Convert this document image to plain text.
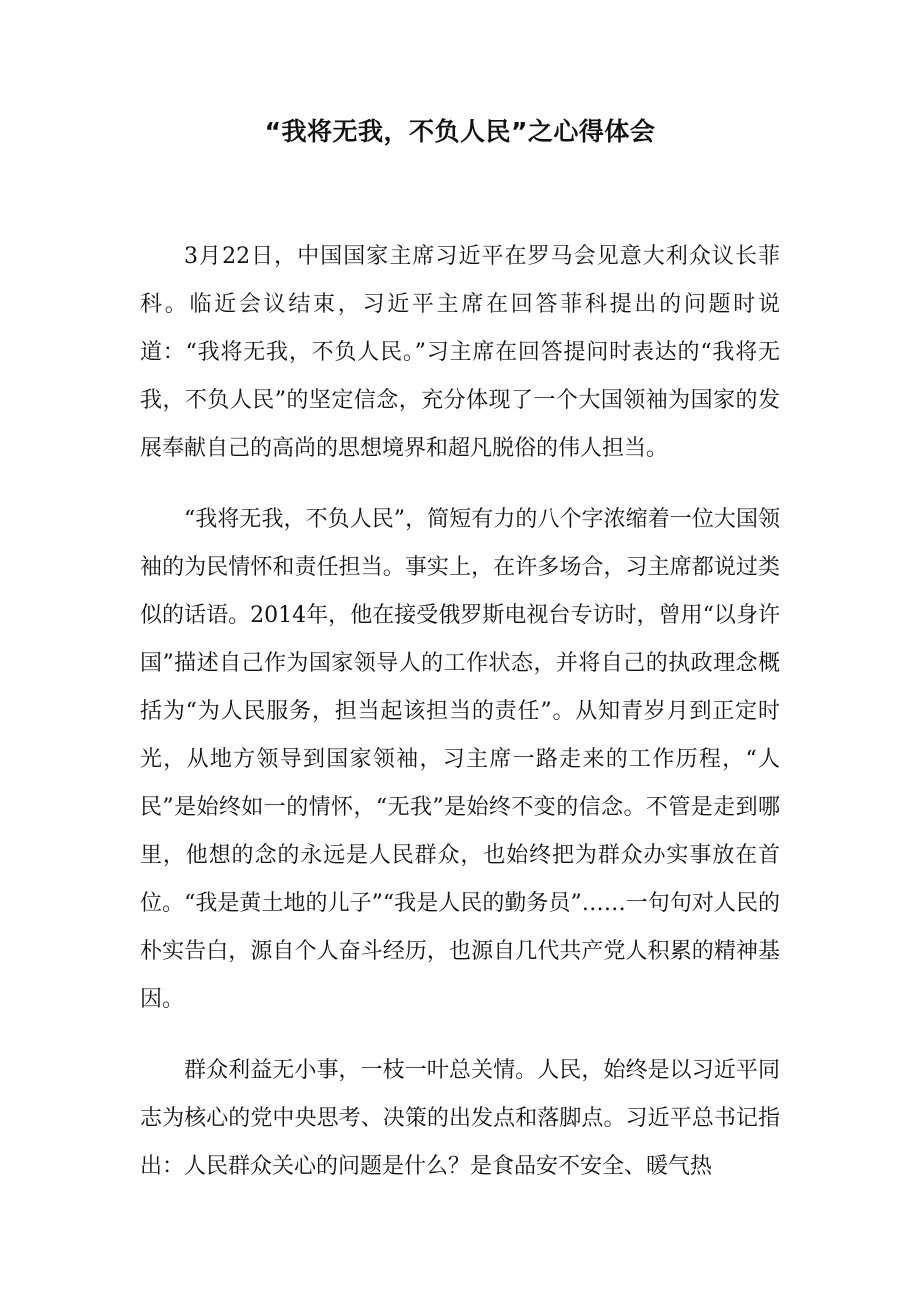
“我将无我，不负人民”之心得体会

3月22日，中国国家主席习近平在罗马会见意大利众议长菲科。临近会议结束，习近平主席在回答菲科提出的问题时说道：“我将无我，不负人民。”习主席在回答提问时表达的“我将无我，不负人民”的坚定信念，充分体现了一个大国领袖为国家的发展奉献自己的高尚的思想境界和超凡脱俗的伟人担当。

“我将无我，不负人民”，简短有力的八个字浓缩着一位大国领袖的为民情怀和责任担当。事实上，在许多场合，习主席都说过类似的话语。2014年，他在接受俄罗斯电视台专访时，曾用“以身许国”描述自己作为国家领导人的工作状态，并将自己的执政理念概括为“为人民服务，担当起该担当的责任”。从知青岁月到正定时光，从地方领导到国家领袖，习主席一路走来的工作历程，“人民”是始终如一的情怀，“无我”是始终不变的信念。不管是走到哪里，他想的念的永远是人民群众，也始终把为群众办实事放在首位。“我是黄土地的儿子”“我是人民的勤务员”……一句句对人民的朴实告白，源自个人奋斗经历，也源自几代共产党人积累的精神基因。

群众利益无小事，一枝一叶总关情。人民，始终是以习近平同志为核心的党中央思考、决策的出发点和落脚点。习近平总书记指出：人民群众关心的问题是什么？是食品安不安全、暖气热
